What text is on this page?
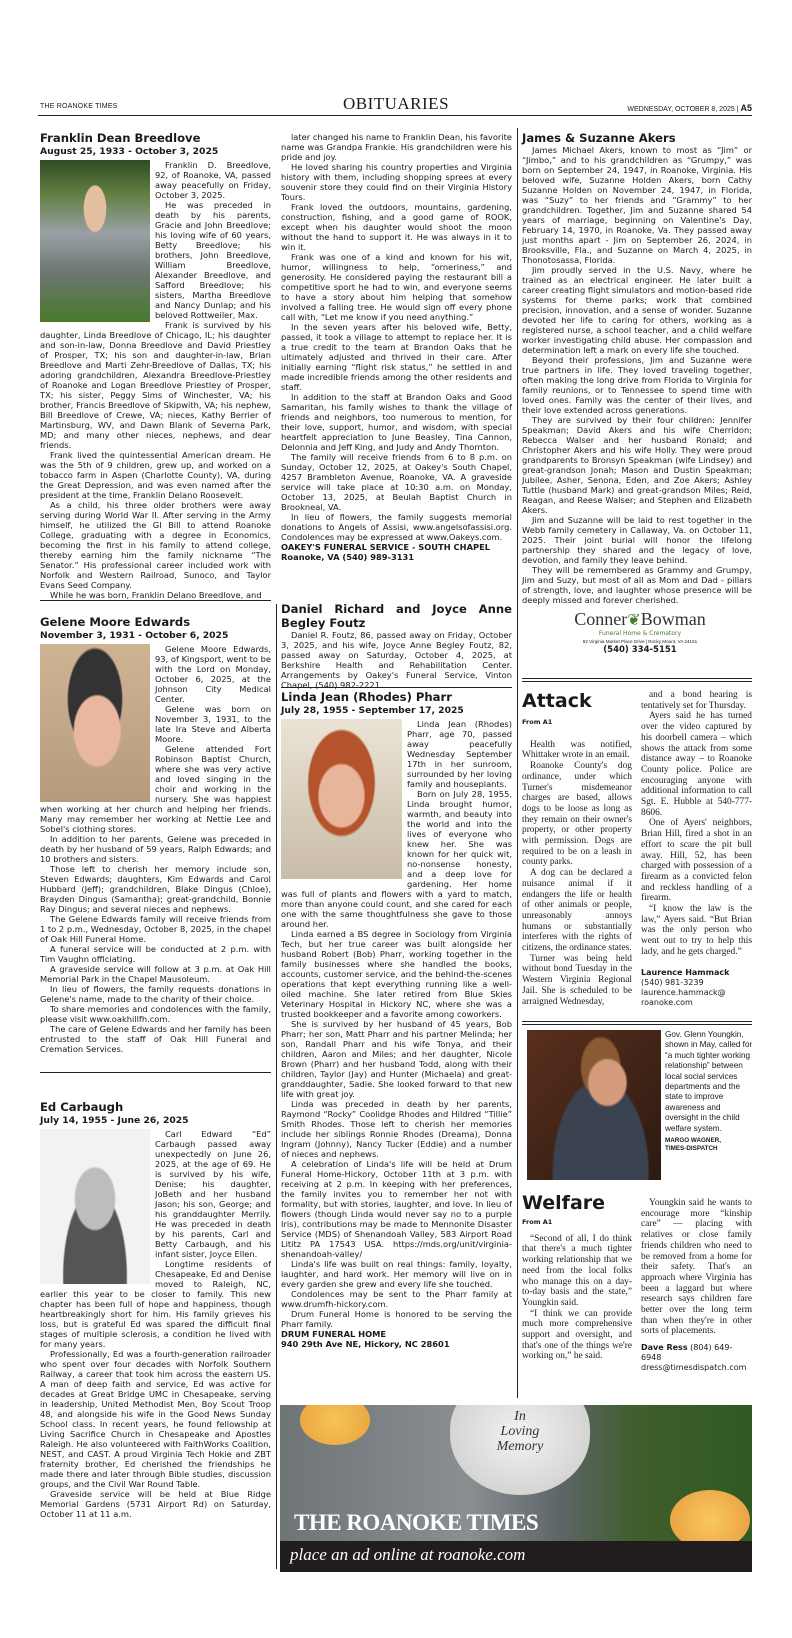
THE ROANOKE TIMES	OBITUARIES	WEDNESDAY, OCTOBER 8, 2025 | A5
Franklin Dean Breedlove
August 25, 1933 - October 3, 2025

Franklin D. Breedlove, 92, of Roanoke, VA, passed away peacefully on Friday, October 3, 2025.

He was preceded in death by his parents, Gracie and John Breedlove; his loving wife of 60 years, Betty Breedlove; his brothers, John Breedlove, William Breedlove, Alexander Breedlove, and Safford Breedlove; his sisters, Martha Breedlove and Nancy Dunlap; and his beloved Rottweiler, Max.

Frank is survived by his daughter, Linda Breedlove of Chicago, IL; his daughter and son-in-law, Donna Breedlove and David Priestley of Prosper, TX; his son and daughter-in-law, Brian Breedlove and Marti Zehr-Breedlove of Dallas, TX; his adoring grandchildren, Alexandra Breedlove-Priestley of Roanoke and Logan Breedlove Priestley of Prosper, TX; his sister, Peggy Sims of Winchester, VA; his brother, Francis Breedlove of Skipwith, VA; his nephew, Bill Breedlove of Crewe, VA; nieces, Kathy Berrier of Martinsburg, WV, and Dawn Blank of Severna Park, MD; and many other nieces, nephews, and dear friends.

Frank lived the quintessential American dream. He was the 5th of 9 children, grew up, and worked on a tobacco farm in Aspen (Charlotte County), VA, during the Great Depression, and was even named after the president at the time, Franklin Delano Roosevelt.

As a child, his three older brothers were away serving during World War II. After serving in the Army himself, he utilized the GI Bill to attend Roanoke College, graduating with a degree in Economics, becoming the first in his family to attend college, thereby earning him the family nickname “The Senator.” His professional career included work with Norfolk and Western Railroad, Sunoco, and Taylor Evans Seed Company.

While he was born, Franklin Delano Breedlove, and

later changed his name to Franklin Dean, his favorite name was Grandpa Frankie. His grandchildren were his pride and joy.

He loved sharing his country properties and Virginia history with them, including shopping sprees at every souvenir store they could find on their Virginia History Tours.

Frank loved the outdoors, mountains, gardening, construction, fishing, and a good game of ROOK, except when his daughter would shoot the moon without the hand to support it. He was always in it to win it.

Frank was one of a kind and known for his wit, humor, willingness to help, “orneriness,” and generosity. He considered paying the restaurant bill a competitive sport he had to win, and everyone seems to have a story about him helping that somehow involved a falling tree. He would sign off every phone call with, “Let me know if you need anything.”

In the seven years after his beloved wife, Betty, passed, it took a village to attempt to replace her. It is a true credit to the team at Brandon Oaks that he ultimately adjusted and thrived in their care. After initially earning “flight risk status,” he settled in and made incredible friends among the other residents and staff.

In addition to the staff at Brandon Oaks and Good Samaritan, his family wishes to thank the village of friends and neighbors, too numerous to mention, for their love, support, humor, and wisdom, with special heartfelt appreciation to June Beasley, Tina Cannon, Delonnia and Jeff King, and Judy and Andy Thornton.

The family will receive friends from 6 to 8 p.m. on Sunday, October 12, 2025, at Oakey's South Chapel, 4257 Brambleton Avenue, Roanoke, VA. A graveside service will take place at 10:30 a.m. on Monday, October 13, 2025, at Beulah Baptist Church in Brookneal, VA.

In lieu of flowers, the family suggests memorial donations to Angels of Assisi, www.angelsofassisi.org. Condolences may be expressed at www.Oakeys.com.

OAKEY'S FUNERAL SERVICE - SOUTH CHAPEL
Roanoke, VA (540) 989-3131
Gelene Moore Edwards
November 3, 1931 - October 6, 2025

Gelene Moore Edwards, 93, of Kingsport, went to be with the Lord on Monday, October 6, 2025, at the Johnson City Medical Center.

Gelene was born on November 3, 1931, to the late Ira Steve and Alberta Moore.

Gelene attended Fort Robinson Baptist Church, where she was very active and loved singing in the choir and working in the nursery. She was happiest when working at her church and helping her friends. Many may remember her working at Nettie Lee and Sobel's clothing stores.

In addition to her parents, Gelene was preceded in death by her husband of 59 years, Ralph Edwards; and 10 brothers and sisters.

Those left to cherish her memory include son, Steven Edwards; daughters, Kim Edwards and Carol Hubbard (Jeff); grandchildren, Blake Dingus (Chloe), Brayden Dingus (Samantha); great-grandchild, Bonnie Ray Dingus; and several nieces and nephews.

The Gelene Edwards family will receive friends from 1 to 2 p.m., Wednesday, October 8, 2025, in the chapel of Oak Hill Funeral Home.

A funeral service will be conducted at 2 p.m. with Tim Vaughn officiating.

A graveside service will follow at 3 p.m. at Oak Hill Memorial Park in the Chapel Mausoleum.

In lieu of flowers, the family requests donations in Gelene's name, made to the charity of their choice.

To share memories and condolences with the family, please visit www.oakhillfh.com.

The care of Gelene Edwards and her family has been entrusted to the staff of Oak Hill Funeral and Cremation Services.

Ed Carbaugh
July 14, 1955 - June 26, 2025

Carl Edward “Ed” Carbaugh passed away unexpectedly on June 26, 2025, at the age of 69. He is survived by his wife, Denise; his daughter, JoBeth and her husband Jason; his son, George; and his granddaughter Merrily. He was preceded in death by his parents, Carl and Betty Carbaugh, and his infant sister, Joyce Ellen.

Longtime residents of Chesapeake, Ed and Denise moved to Raleigh, NC, earlier this year to be closer to family. This new chapter has been full of hope and happiness, though heartbreakingly short for him. His family grieves his loss, but is grateful Ed was spared the difficult final stages of multiple sclerosis, a condition he lived with for many years.

Professionally, Ed was a fourth-generation railroader who spent over four decades with Norfolk Southern Railway, a career that took him across the eastern US. A man of deep faith and service, Ed was active for decades at Great Bridge UMC in Chesapeake, serving in leadership, United Methodist Men, Boy Scout Troop 48, and alongside his wife in the Good News Sunday School class. In recent years, he found fellowship at Living Sacrifice Church in Chesapeake and Apostles Raleigh. He also volunteered with FaithWorks Coalition, NEST, and CAST. A proud Virginia Tech Hokie and ZBT fraternity brother, Ed cherished the friendships he made there and later through Bible studies, discussion groups, and the Civil War Round Table.

Graveside service will be held at Blue Ridge Memorial Gardens (5731 Airport Rd) on Saturday, October 11 at 11 a.m.

Daniel Richard and Joyce Anne Begley Foutz

Daniel R. Foutz, 86, passed away on Friday, October 3, 2025, and his wife, Joyce Anne Begley Foutz, 82, passed away on Saturday, October 4, 2025, at Berkshire Health and Rehabilitation Center. Arrangements by Oakey's Funeral Service, Vinton Chapel, (540) 982-2221.

Linda Jean (Rhodes) Pharr
July 28, 1955 - September 17, 2025

Linda Jean (Rhodes) Pharr, age 70, passed away peacefully Wednesday September 17th in her sunroom, surrounded by her loving family and houseplants.

Born on July 28, 1955, Linda brought humor, warmth, and beauty into the world and into the lives of everyone who knew her. She was known for her quick wit, no-nonsense honesty, and a deep love for gardening. Her home was full of plants and flowers with a yard to match, more than anyone could count, and she cared for each one with the same thoughtfulness she gave to those around her.

Linda earned a BS degree in Sociology from Virginia Tech, but her true career was built alongside her husband Robert (Bob) Pharr, working together in the family businesses where she handled the books, accounts, customer service, and the behind-the-scenes operations that kept everything running like a well-oiled machine. She later retired from Blue Skies Veterinary Hospital in Hickory NC, where she was a trusted bookkeeper and a favorite among coworkers.

She is survived by her husband of 45 years, Bob Pharr; her son, Matt Pharr and his partner Melinda; her son, Randall Pharr and his wife Tonya, and their children, Aaron and Miles; and her daughter, Nicole Brown (Pharr) and her husband Todd, along with their children, Taylor (Jay) and Hunter (Michaela) and great-granddaughter, Sadie. She looked forward to that new life with great joy.

Linda was preceded in death by her parents, Raymond “Rocky” Coolidge Rhodes and Hildred “Tillie” Smith Rhodes. Those left to cherish her memories include her siblings Ronnie Rhodes (Dreama), Donna Ingram (Johnny), Nancy Tucker (Eddie) and a number of nieces and nephews.

A celebration of Linda's life will be held at Drum Funeral Home-Hickory, October 11th at 3 p.m. with receiving at 2 p.m. In keeping with her preferences, the family invites you to remember her not with formality, but with stories, laughter, and love. In lieu of flowers (though Linda would never say no to a purple Iris), contributions may be made to Mennonite Disaster Service (MDS) of Shenandoah Valley, 583 Airport Road Lititz PA 17543 USA. https://mds.org/unit/virginia-shenandoah-valley/

Linda's life was built on real things: family, loyalty, laughter, and hard work. Her memory will live on in every garden she grew and every life she touched.

Condolences may be sent to the Pharr family at www.drumfh-hickory.com.

Drum Funeral Home is honored to be serving the Pharr family.

DRUM FUNERAL HOME
940 29th Ave NE, Hickory, NC 28601
James & Suzanne Akers

James Michael Akers, known to most as “Jim” or “Jimbo,” and to his grandchildren as “Grumpy,” was born on September 24, 1947, in Roanoke, Virginia. His beloved wife, Suzanne Holden Akers, born Cathy Suzanne Holden on November 24, 1947, in Florida, was “Suzy” to her friends and “Grammy” to her grandchildren. Together, Jim and Suzanne shared 54 years of marriage, beginning on Valentine's Day, February 14, 1970, in Roanoke, Va. They passed away just months apart - Jim on September 26, 2024, in Brooksville, Fla., and Suzanne on March 4, 2025, in Thonotosassa, Florida.

Jim proudly served in the U.S. Navy, where he trained as an electrical engineer. He later built a career creating flight simulators and motion-based ride systems for theme parks; work that combined precision, innovation, and a sense of wonder. Suzanne devoted her life to caring for others, working as a registered nurse, a school teacher, and a child welfare worker investigating child abuse. Her compassion and determination left a mark on every life she touched.

Beyond their professions, Jim and Suzanne were true partners in life. They loved traveling together, often making the long drive from Florida to Virginia for family reunions, or to Tennessee to spend time with loved ones. Family was the center of their lives, and their love extended across generations.

They are survived by their four children: Jennifer Speakman; David Akers and his wife Cherridon; Rebecca Walser and her husband Ronald; and Christopher Akers and his wife Holly. They were proud grandparents to Bronsyn Speakman (wife Lindsey) and great-grandson Jonah; Mason and Dustin Speakman; Jubilee, Asher, Senona, Eden, and Zoe Akers; Ashley Tuttle (husband Mark) and great-grandson Miles; Reid, Reagan, and Reese Walser; and Stephen and Elizabeth Akers.

Jim and Suzanne will be laid to rest together in the Webb family cemetery in Callaway, Va. on October 11, 2025. Their joint burial will honor the lifelong partnership they shared and the legacy of love, devotion, and family they leave behind.

They will be remembered as Grammy and Grumpy, Jim and Suzy, but most of all as Mom and Dad - pillars of strength, love, and laughter whose presence will be deeply missed and forever cherished.

Conner❦Bowman
Funeral Home & Crematory
62 Virginia Market Place Drive | Rocky Mount, VA 24151
(540) 334-5151
Attack
From A1

Health was notified, Whittaker wrote in an email.

Roanoke County's dog ordinance, under which Turner's misdemeanor charges are based, allows dogs to be loose as long as they remain on their owner's property, or other property with permission. Dogs are required to be on a leash in county parks.

A dog can be declared a nuisance animal if it endangers the life or health of other animals or people, unreasonably annoys humans or substantially interferes with the rights of citizens, the ordinance states.

Turner was being held without bond Tuesday in the Western Virginia Regional Jail. She is scheduled to be arraigned Wednesday,

and a bond hearing is tentatively set for Thursday.

Ayers said he has turned over the video captured by his doorbell camera – which shows the attack from some distance away – to Roanoke County police. Police are encouraging anyone with additional information to call Sgt. E. Hubble at 540-777-8606.

One of Ayers' neighbors, Brian Hill, fired a shot in an effort to scare the pit bull away. Hill, 52, has been charged with possession of a firearm as a convicted felon and reckless handling of a firearm.

“I know the law is the law,” Ayers said. “But Brian was the only person who went out to try to help this lady, and he gets charged.”

Laurence Hammack
(540) 981-3239
laurence.hammack@ roanoke.com
Gov. Glenn Youngkin, shown in May, called for “a much tighter working relationship” between local social services departments and the state to improve awareness and oversight in the child welfare system.
MARGO WAGNER,
TIMES-DISPATCH
Welfare
From A1

“Second of all, I do think that there's a much tighter working relationship that we need from the local folks who manage this on a day-to-day basis and the state,” Youngkin said.

“I think we can provide much more comprehensive support and oversight, and that's one of the things we're working on,” he said.

Youngkin said he wants to encourage more “kinship care” — placing with relatives or close family friends children who need to be removed from a home for their safety. That's an approach where Virginia has been a laggard but where research says children fare better over the long term than when they're in other sorts of placements.

Dave Ress (804) 649-6948
dress@timesdispatch.com
In
Loving
Memory
THE ROANOKE TIMES
place an ad online at roanoke.com
